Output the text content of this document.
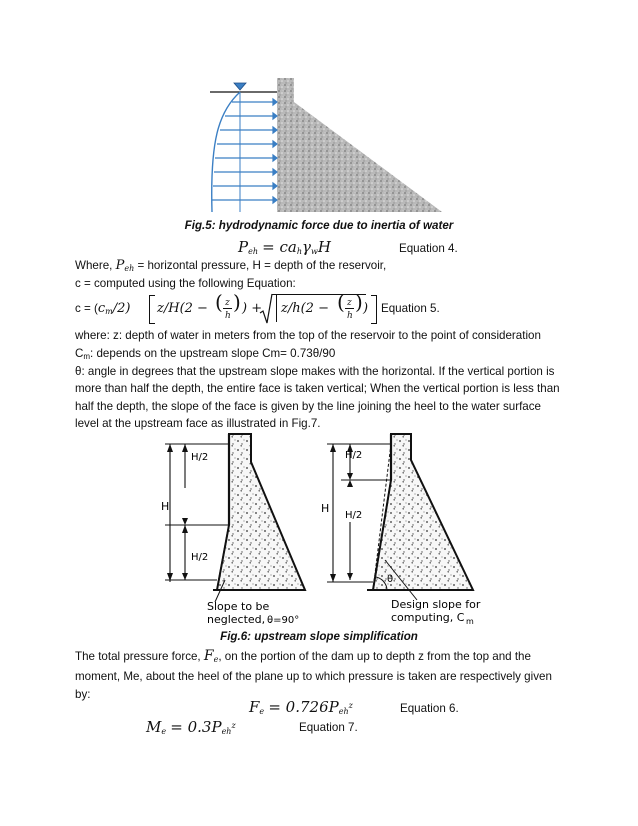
Fig.5: hydrodynamic force due to inertia of water
$P_{eh} = ca_h\gamma_wH$	Equation 4.
Where, $P_{eh}$ = horizontal pressure, H = depth of the reservoir,
c = computed using the following Equation:
$c = (c_m/2) z/H(2$ − ( z
h
) ) + z/h(2 − ( z
h
) ) Equation 5.
where: z: depth of water in meters from the top of the reservoir to the point of consideration
$C_m$: depends on the upstream slope Cm= 0.73θ/90
θ: angle in degrees that the upstream slope makes with the horizontal. If the vertical portion is more than half the depth, the entire face is taken vertical; When the vertical portion is less than half the depth, the slope of the face is given by the line joining the heel to the water surface level at the upstream face as illustrated in Fig.7.
H/2
H
H/2
Slope to be
neglected, .
θ=90°
θ
H/2
H
H/2
Design slope for
computing, C m
Fig.6: upstream slope simplification
The total pressure force, $F_e$, on the portion of the dam up to depth z from the top and the moment, Me, about the heel of the plane up to which pressure is taken are respectively given by:
$F_e = 0.726P_{eh}^z$	Equation 6.
$M_e = 0.3P_{eh}^z$	Equation 7.
